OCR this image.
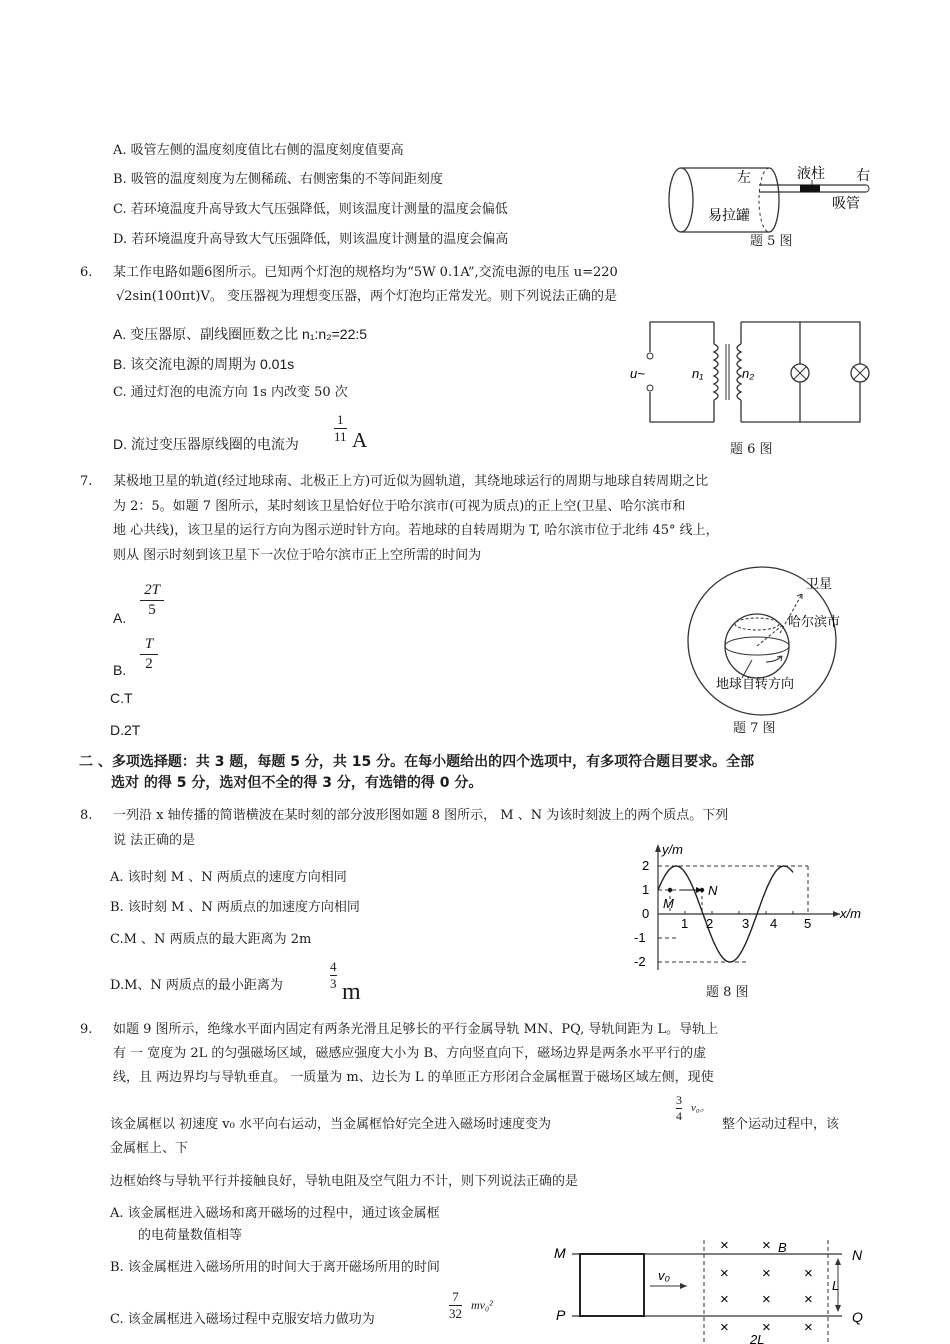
A. 吸管左侧的温度刻度值比右侧的温度刻度值要高
B. 吸管的温度刻度为左侧稀疏、右侧密集的不等间距刻度
C. 若环境温度升高导致大气压强降低，则该温度计测量的温度会偏低
D. 若环境温度升高导致大气压强降低，则该温度计测量的温度会偏高
左	液柱 右
易拉罐
吸管
题 5 图
6. 某工作电路如题6图所示。已知两个灯泡的规格均为“5W 0.1A”,交流电源的电压 u=220
√2sin(100πt)V。 变压器视为理想变压器，两个灯泡均正常发光。则下列说法正确的是
A. 变压器原、副线圈匝数之比 n₁:n₂=22:5
B. 该交流电源的周期为 0.01s
C. 通过灯泡的电流方向 1s 内改变 50 次
D. 流过变压器原线圈的电流为
1
11 A
u~	n₁	n₂
题 6 图
7. 某极地卫星的轨道(经过地球南、北极正上方)可近似为圆轨道，其绕地球运行的周期与地球自转周期之比
为 2：5。如题 7 图所示，某时刻该卫星恰好位于哈尔滨市(可视为质点)的正上空(卫星、哈尔滨市和
地 心共线)，该卫星的运行方向为图示逆时针方向。若地球的自转周期为 T, 哈尔滨市位于北纬 45° 线上，
则从 图示时刻到该卫星下一次位于哈尔滨市正上空所需的时间为
A.
2T
5
B.
T
2
C.T
D.2T
卫星
哈尔滨市
地球自转方向
题 7 图
二 、多项选择题：共 3 题，每题 5 分，共 15 分。在每小题给出的四个选项中，有多项符合题目要求。全部
选对 的得 5 分，选对但不全的得 3 分，有选错的得 0 分。
8. 一列沿 x 轴传播的简谐横波在某时刻的部分波形图如题 8 图所示， M 、N 为该时刻波上的两个质点。下列
说 法正确的是
A. 该时刻 M 、N 两质点的速度方向相同
B. 该时刻 M 、N 两质点的加速度方向相同
C.M 、N 两质点的最大距离为 2m
D.M、N 两质点的最小距离为
4
3 m
y/m
x/m
M
N
2
1
0
-1
-2
1 2 3 4 5
题 8 图
9. 如题 9 图所示，绝缘水平面内固定有两条光滑且足够长的平行金属导轨 MN、PQ, 导轨间距为 L。导轨上
有 一 宽度为 2L 的匀强磁场区域，磁感应强度大小为 B、方向竖直向下，磁场边界是两条水平平行的虚
线，且 两边界均与导轨垂直。 一质量为 m、边长为 L 的单匝正方形闭合金属框置于磁场区域左侧，现使
该金属框以 初速度 v₀ 水平向右运动，当金属框恰好完全进入磁场时速度变为
3
4
v₀。
整个运动过程中，该
金属框上、下
边框始终与导轨平行并接触良好，导轨电阻及空气阻力不计，则下列说法正确的是
A. 该金属框进入磁场和离开磁场的过程中，通过该金属框
的电荷量数值相等
B. 该金属框进入磁场所用的时间大于离开磁场所用的时间
C. 该金属框进入磁场过程中克服安培力做功为
7
32
mv₀²
M	N
P	Q
v₀
B
L
2L
× ×
× × ×
× × ×
× × ×
